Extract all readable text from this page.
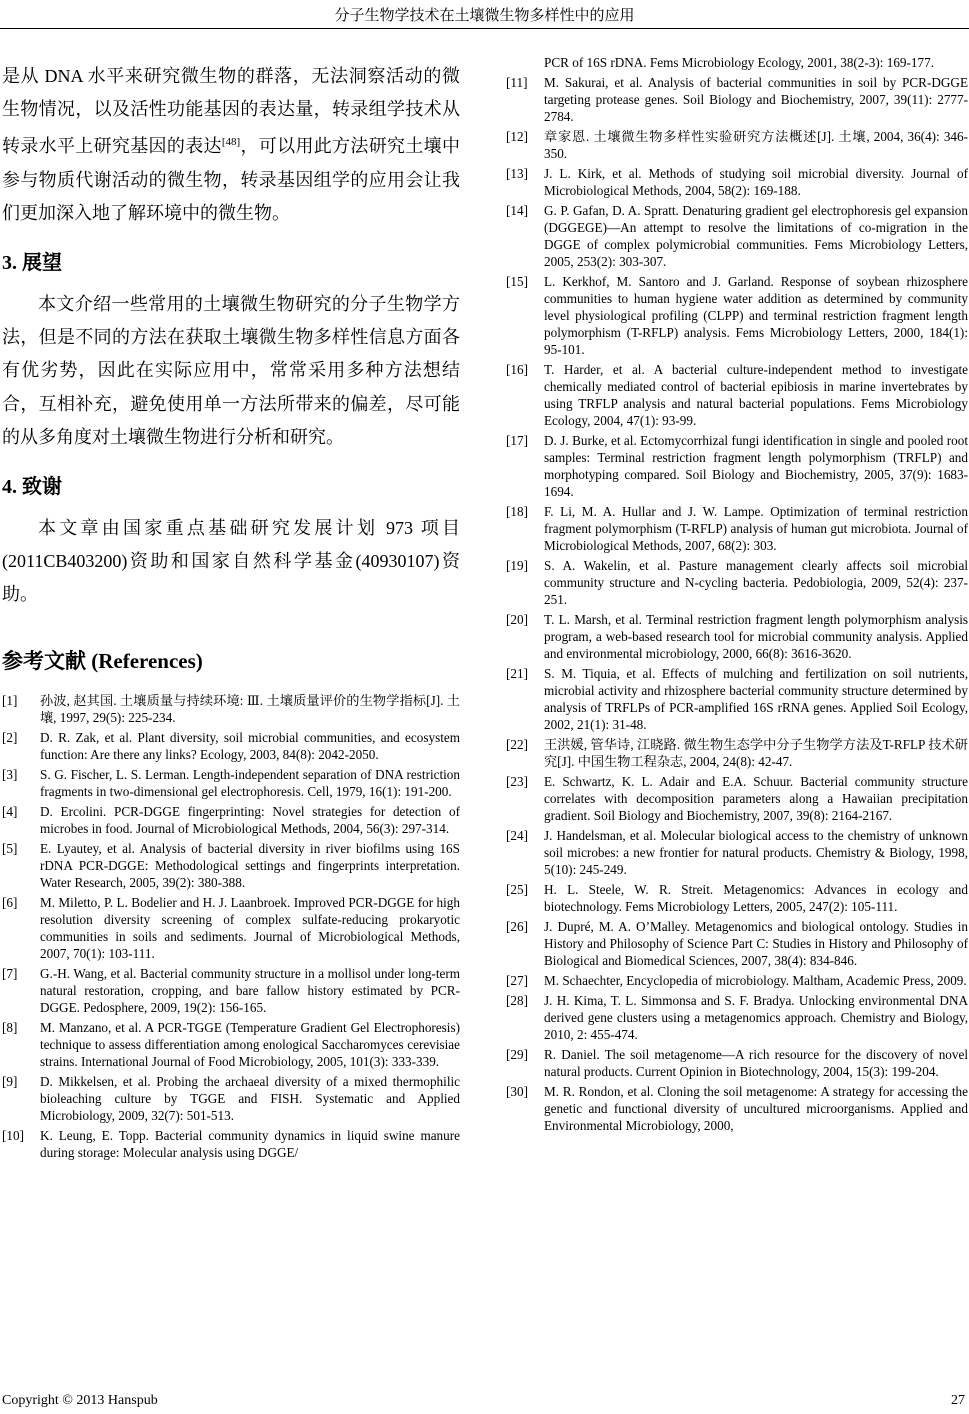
分子生物学技术在土壤微生物多样性中的应用

是从 DNA 水平来研究微生物的群落，无法洞察活动的微生物情况，以及活性功能基因的表达量，转录组学技术从转录水平上研究基因的表达[48]，可以用此方法研究土壤中参与物质代谢活动的微生物，转录基因组学的应用会让我们更加深入地了解环境中的微生物。

3. 展望

本文介绍一些常用的土壤微生物研究的分子生物学方法，但是不同的方法在获取土壤微生物多样性信息方面各有优劣势，因此在实际应用中，常常采用多种方法想结合，互相补充，避免使用单一方法所带来的偏差，尽可能的从多角度对土壤微生物进行分析和研究。

4. 致谢

本文章由国家重点基础研究发展计划 973 项目(2011CB403200)资助和国家自然科学基金(40930107)资助。

参考文献 (References)
[1]	孙波, 赵其国. 土壤质量与持续环境: Ⅲ. 土壤质量评价的生物学指标[J]. 土壤, 1997, 29(5): 225-234.
[2]	D. R. Zak, et al. Plant diversity, soil microbial communities, and ecosystem function: Are there any links? Ecology, 2003, 84(8): 2042-2050.
[3]	S. G. Fischer, L. S. Lerman. Length-independent separation of DNA restriction fragments in two-dimensional gel electrophoresis. Cell, 1979, 16(1): 191-200.
[4]	D. Ercolini. PCR-DGGE fingerprinting: Novel strategies for detection of microbes in food. Journal of Microbiological Methods, 2004, 56(3): 297-314.
[5]	E. Lyautey, et al. Analysis of bacterial diversity in river biofilms using 16S rDNA PCR-DGGE: Methodological settings and fingerprints interpretation. Water Research, 2005, 39(2): 380-388.
[6]	M. Miletto, P. L. Bodelier and H. J. Laanbroek. Improved PCR-DGGE for high resolution diversity screening of complex sulfate-reducing prokaryotic communities in soils and sediments. Journal of Microbiological Methods, 2007, 70(1): 103-111.
[7]	G.-H. Wang, et al. Bacterial community structure in a mollisol under long-term natural restoration, cropping, and bare fallow history estimated by PCR-DGGE. Pedosphere, 2009, 19(2): 156-165.
[8]	M. Manzano, et al. A PCR-TGGE (Temperature Gradient Gel Electrophoresis) technique to assess differentiation among enological Saccharomyces cerevisiae strains. International Journal of Food Microbiology, 2005, 101(3): 333-339.
[9]	D. Mikkelsen, et al. Probing the archaeal diversity of a mixed thermophilic bioleaching culture by TGGE and FISH. Systematic and Applied Microbiology, 2009, 32(7): 501-513.
[10]	K. Leung, E. Topp. Bacterial community dynamics in liquid swine manure during storage: Molecular analysis using DGGE/
PCR of 16S rDNA. Fems Microbiology Ecology, 2001, 38(2-3): 169-177.
[11]	M. Sakurai, et al. Analysis of bacterial communities in soil by PCR-DGGE targeting protease genes. Soil Biology and Biochemistry, 2007, 39(11): 2777-2784.
[12]	章家恩. 土壤微生物多样性实验研究方法概述[J]. 土壤, 2004, 36(4): 346-350.
[13]	J. L. Kirk, et al. Methods of studying soil microbial diversity. Journal of Microbiological Methods, 2004, 58(2): 169-188.
[14]	G. P. Gafan, D. A. Spratt. Denaturing gradient gel electrophoresis gel expansion (DGGEGE)—An attempt to resolve the limitations of co-migration in the DGGE of complex polymicrobial communities. Fems Microbiology Letters, 2005, 253(2): 303-307.
[15]	L. Kerkhof, M. Santoro and J. Garland. Response of soybean rhizosphere communities to human hygiene water addition as determined by community level physiological profiling (CLPP) and terminal restriction fragment length polymorphism (T-RFLP) analysis. Fems Microbiology Letters, 2000, 184(1): 95-101.
[16]	T. Harder, et al. A bacterial culture-independent method to investigate chemically mediated control of bacterial epibiosis in marine invertebrates by using TRFLP analysis and natural bacterial populations. Fems Microbiology Ecology, 2004, 47(1): 93-99.
[17]	D. J. Burke, et al. Ectomycorrhizal fungi identification in single and pooled root samples: Terminal restriction fragment length polymorphism (TRFLP) and morphotyping compared. Soil Biology and Biochemistry, 2005, 37(9): 1683-1694.
[18]	F. Li, M. A. Hullar and J. W. Lampe. Optimization of terminal restriction fragment polymorphism (T-RFLP) analysis of human gut microbiota. Journal of Microbiological Methods, 2007, 68(2): 303.
[19]	S. A. Wakelin, et al. Pasture management clearly affects soil microbial community structure and N-cycling bacteria. Pedobiologia, 2009, 52(4): 237-251.
[20]	T. L. Marsh, et al. Terminal restriction fragment length polymorphism analysis program, a web-based research tool for microbial community analysis. Applied and environmental microbiology, 2000, 66(8): 3616-3620.
[21]	S. M. Tiquia, et al. Effects of mulching and fertilization on soil nutrients, microbial activity and rhizosphere bacterial community structure determined by analysis of TRFLPs of PCR-amplified 16S rRNA genes. Applied Soil Ecology, 2002, 21(1): 31-48.
[22]	王洪媛, 管华诗, 江晓路. 微生物生态学中分子生物学方法及T-RFLP 技术研究[J]. 中国生物工程杂志, 2004, 24(8): 42-47.
[23]	E. Schwartz, K. L. Adair and E.A. Schuur. Bacterial community structure correlates with decomposition parameters along a Hawaiian precipitation gradient. Soil Biology and Biochemistry, 2007, 39(8): 2164-2167.
[24]	J. Handelsman, et al. Molecular biological access to the chemistry of unknown soil microbes: a new frontier for natural products. Chemistry & Biology, 1998, 5(10): 245-249.
[25]	H. L. Steele, W. R. Streit. Metagenomics: Advances in ecology and biotechnology. Fems Microbiology Letters, 2005, 247(2): 105-111.
[26]	J. Dupré, M. A. O’Malley. Metagenomics and biological ontology. Studies in History and Philosophy of Science Part C: Studies in History and Philosophy of Biological and Biomedical Sciences, 2007, 38(4): 834-846.
[27]	M. Schaechter, Encyclopedia of microbiology. Maltham, Academic Press, 2009.
[28]	J. H. Kima, T. L. Simmonsa and S. F. Bradya. Unlocking environmental DNA derived gene clusters using a metagenomics approach. Chemistry and Biology, 2010, 2: 455-474.
[29]	R. Daniel. The soil metagenome—A rich resource for the discovery of novel natural products. Current Opinion in Biotechnology, 2004, 15(3): 199-204.
[30]	M. R. Rondon, et al. Cloning the soil metagenome: A strategy for accessing the genetic and functional diversity of uncultured microorganisms. Applied and Environmental Microbiology, 2000,
Copyright © 2013 Hanspub	27
